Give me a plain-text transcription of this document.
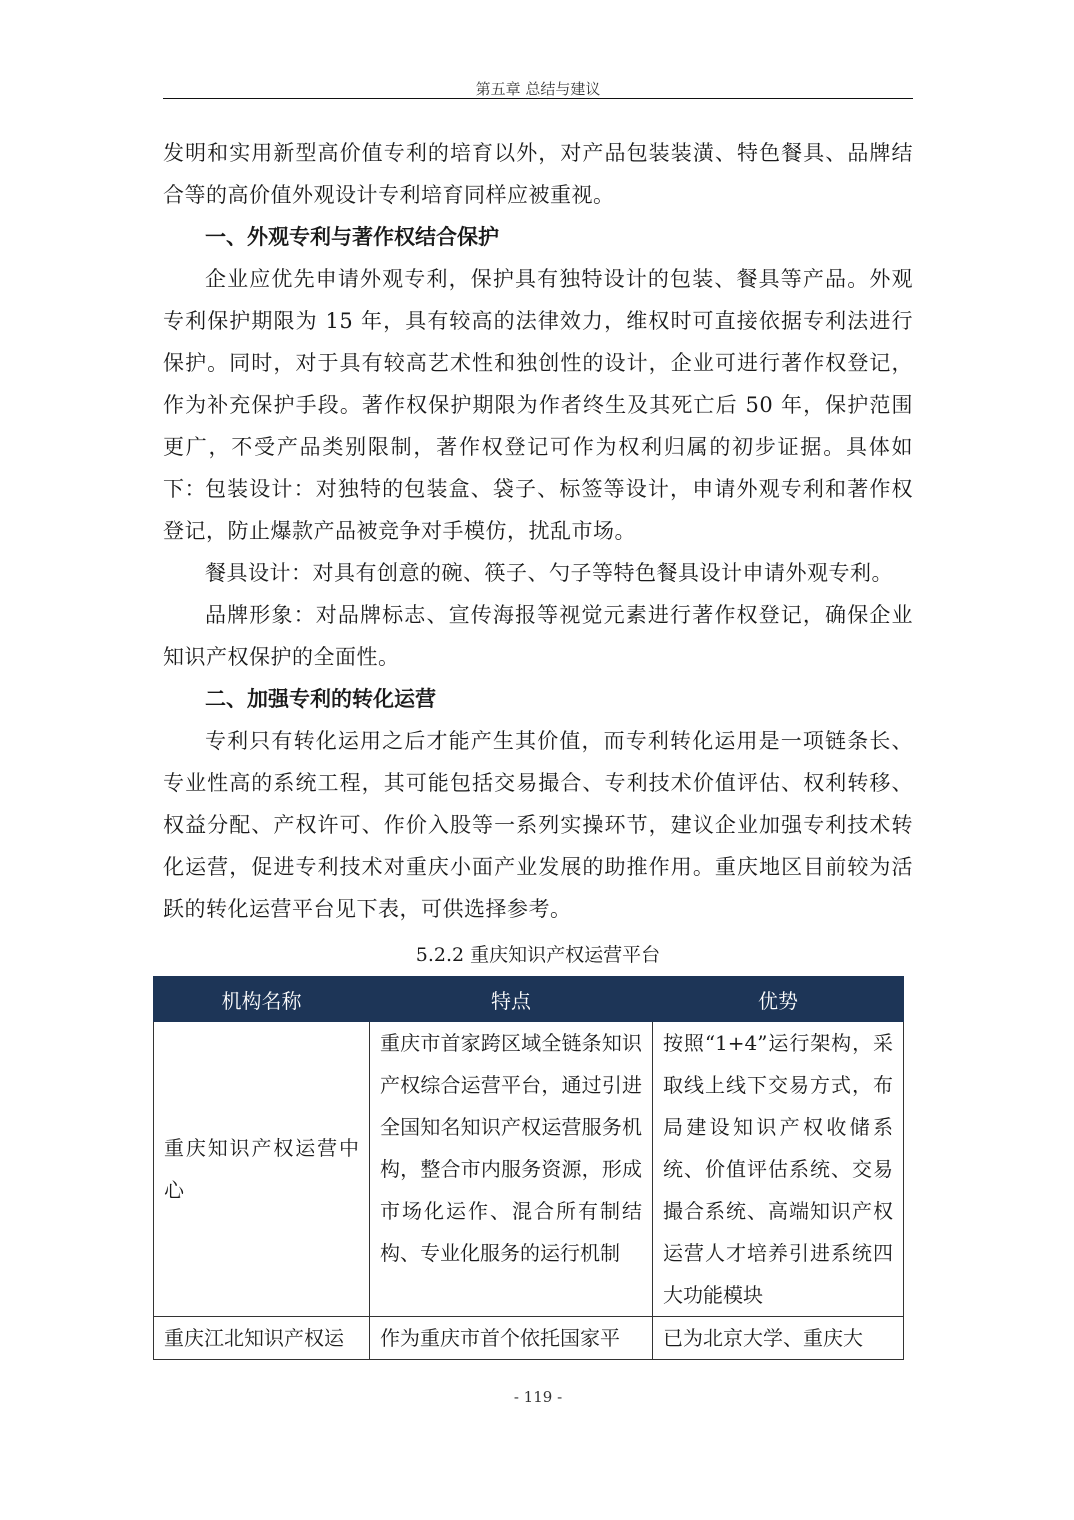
第五章 总结与建议

发明和实用新型高价值专利的培育以外，对产品包装装潢、特色餐具、品牌结合等的高价值外观设计专利培育同样应被重视。

一、外观专利与著作权结合保护

企业应优先申请外观专利，保护具有独特设计的包装、餐具等产品。外观专利保护期限为 15 年，具有较高的法律效力，维权时可直接依据专利法进行保护。同时，对于具有较高艺术性和独创性的设计，企业可进行著作权登记，作为补充保护手段。著作权保护期限为作者终生及其死亡后 50 年，保护范围更广，不受产品类别限制，著作权登记可作为权利归属的初步证据。具体如下： 包装设计：对独特的包装盒、袋子、标签等设计，申请外观专利和著作权登记，防止爆款产品被竞争对手模仿，扰乱市场。

餐具设计：对具有创意的碗、筷子、勺子等特色餐具设计申请外观专利。

品牌形象：对品牌标志、宣传海报等视觉元素进行著作权登记，确保企业知识产权保护的全面性。

二、加强专利的转化运营

专利只有转化运用之后才能产生其价值，而专利转化运用是一项链条长、专业性高的系统工程，其可能包括交易撮合、专利技术价值评估、权利转移、权益分配、产权许可、作价入股等一系列实操环节，建议企业加强专利技术转化运营，促进专利技术对重庆小面产业发展的助推作用。重庆地区目前较为活跃的转化运营平台见下表，可供选择参考。

5.2.2 重庆知识产权运营平台
机构名称	特点	优势
重庆知识产权运营中心	重庆市首家跨区域全链条知识产权综合运营平台，通过引进全国知名知识产权运营服务机构，整合市内服务资源，形成市场化运作、混合所有制结构、专业化服务的运行机制	按照“1+4”运行架构，采取线上线下交易方式，布局建设知识产权收储系统、价值评估系统、交易撮合系统、高端知识产权运营人才培养引进系统四大功能模块
重庆江北知识产权运	作为重庆市首个依托国家平	已为北京大学、重庆大
- 119 -
